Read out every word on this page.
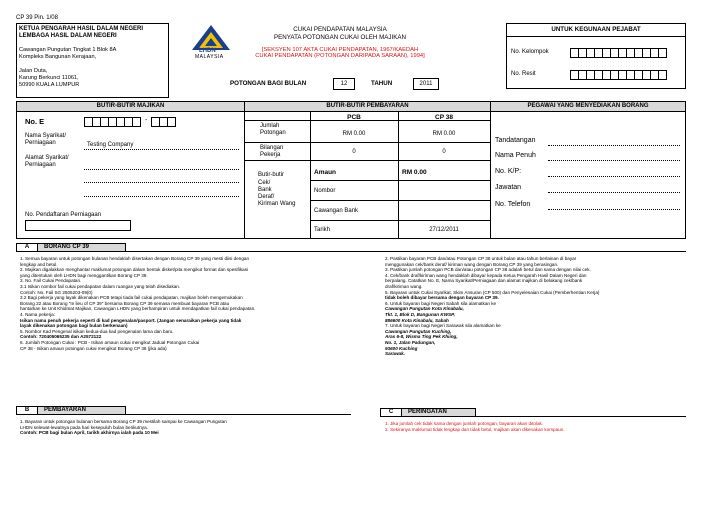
CP 39 Pin. 1/08
KETUA PENGARAH HASIL DALAM NEGERI
LEMBAGA HASIL DALAM NEGERI
Cawangan Pungutan Tingkat 1 Blok 8A
Kompleks Bangunan Kerajaan,
Jalan Duta,
Karung Berkunci 11061,
50990 KUALA LUMPUR
LHDN
MALAYSIA
CUKAI PENDAPATAN MALAYSIA
PENYATA POTONGAN CUKAI OLEH MAJIKAN
[SEKSYEN 107 AKTA CUKAI PENDAPATAN, 1967/KAEDAH
CUKAI PENDAPATAN (POTONGAN DARIPADA SARAAN), 1994]
POTONGAN BAGI BULAN	12	TAHUN	2011
UNTUK KEGUNAAN PEJABAT
No. Kelompok
No. Resit
BUTIR-BUTIR MAJIKAN	BUTIR-BUTIR PEMBAYARAN	PEGAWAI YANG MENYEDIAKAN BORANG
No. E	-
Nama Syarikat/
Perniagaan	Testing Company
Alamat Syarikat/
Perniagaan
No. Pendaftaran Perniagaan
PCB	CP 38
Jumlah
Potongan	RM 0.00	RM 0.00
Bilangan
Pekerja	0	0
Butir-butir
Cek/
Bank
Deraf/
Kiriman Wang
Amaun	RM 0.00
Nombor
Cawangan Bank
Tarikh	27/12/2011
Tandatangan
Nama Penuh
No. K/P:
Jawatan
No. Telefon
A	BORANG CP 39
1. Semua bayaran untuk potongan bulanan hendaklah disertakan dengan Borang CP 39 yang mesti diisi dengan
lengkap and betul.
2. Majikan digalakkan menghantar maklumat potongan dalam bentuk disket/pita mengikut format dan spesifikasi
yang ditentukan oleh LHDN bagi menggantikan Borang CP 39.
3. No. Fail Cukai Pendapatan.
3.1 Isikan nombor fail cukai pendapatan dalam ruangan yang telah disediakan.
Contoh: No. Fail SG 2505203-09(0)
3.2 Bagi pekerja yang layak dikenakan PCB tetapi tiada fail cukai pendapatan, majikan boleh mengemukakan
Borang 22 atau Borang "In lieu of CP 39" bersama Borang CP 39 semasa membuat bayaran PCB atau
hantarkan ke Unit Khidmat Majikan, Cawangan LHDN yang berhampiran untuk mendapatkan fail cukai pendapatan.
4. Nama pekerja:
Isikan nama penuh pekerja seperti di kad pengenalan/pasport. (Jangan senaraikan pekerja yang tidak
layak dikenakan potongan bagi bulan berkenaan)
5. Nombor Kad Pengenal isikan kedua-dua kad pengenalan lama dan baru.
Contoh: 720405065235 dan A2572122
6. Jumlah Potongan Cukai : PCB - Isikan amaun cukai mengikut Jadual Potongan Cukai
CP 38 - Isikan amaun potongan cukai mengikut Borang CP 38 (jika ada)
2. Pastikan bayaran PCB dan/atau Potongan CP 38 untuk bulan atau tahun berlainan di bayar
menggunakan cek/bank deraf/ kiriman wang dengan Borang CP 39 yang berasingan.
3. Pastikan jumlah potongan PCB dan/atau potongan CP 38 adalah betul dan sama dengan nilai cek.
4. Cek/bank draf/kiriman wang hendaklah dibayar kepada Ketua Pengarah Hasil Dalam Negeri dan
berpalang. Catatkan No. E, Nama Syarikat/Perniagaan dan alamat majikan di belakang cek/bank
draf/kiriman wang.
5. Bayaran untuk Cukai Syarikat, Skim Ansuran (CP 500) dan Penyelesaian Cukai (Pemberhentian Kerja)
tidak boleh dibayar bersama dengan bayaran CP 39.
6. Untuk bayaran bagi Negeri Sabah sila alamatkan ke
Cawangan Pungutan Kota Kinabalu,
Tkt. 1, Blok D, Bangunan KWSP,
886600 Kota Kinabalu, Sabah
7. Untuk bayaran bagi Negeri Sarawak sila alamatkan ke
Cawangan Pungutan Kuching,
Aras 6-8, Wisma Ting Pek Khiing,
No. 1, Jalan Padungan,
93600 Kuching
Sarawak.
B	PEMBAYARAN
1. Bayaran untuk potongan bulanan bersama Borang CP 39 mestilah sampai ke Cawangan Pungutan
LHDN selewat-lewatnya pada hari kesepuluh bulan berikutnya.
Contoh: PCB bagi bulan April, tarikh akhirnya ialah pada 10 Mei
C	PERINGATAN
1. Jika jumlah cek tidak sama dengan jumlah potongan, bayaran akan ditolak.
2. Sekiranya maklumat tidak lengkap dan tidak betul, majikan akan dikenakan kompaun.
